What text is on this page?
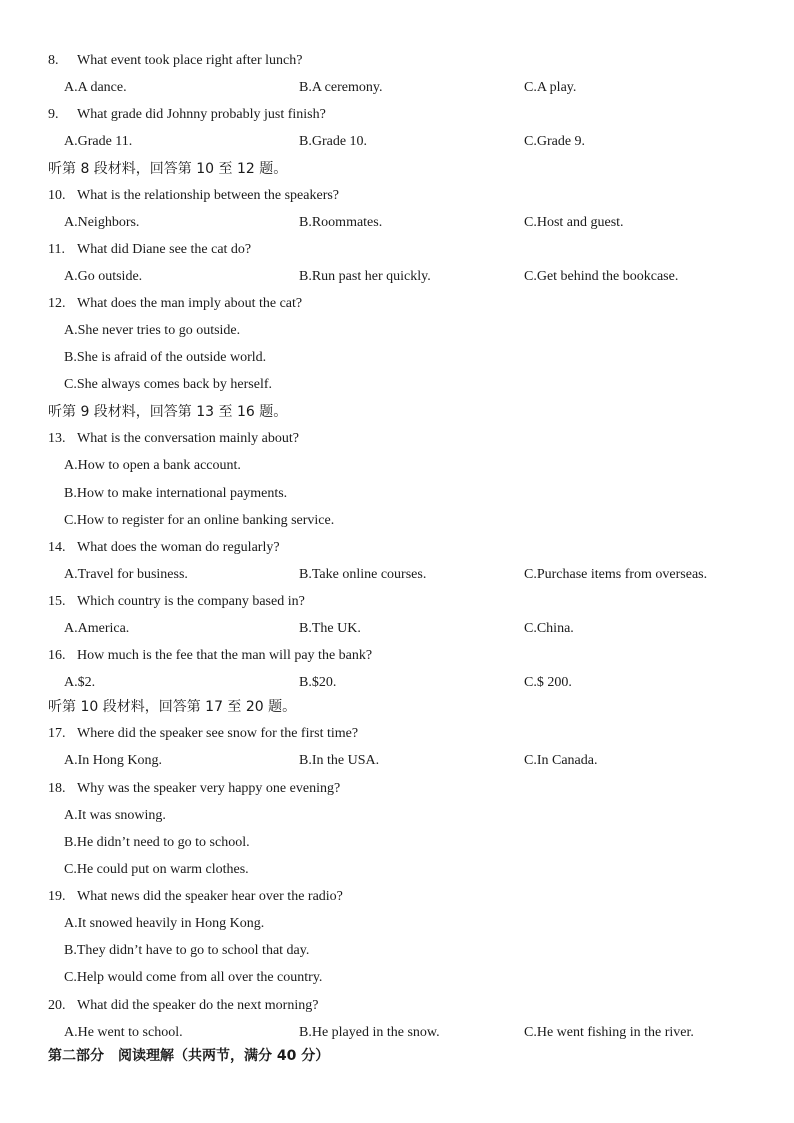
8. What event took place right after lunch?
A.A dance.	B.A ceremony.	C.A play.
9. What grade did Johnny probably just finish?
A.Grade 11.	B.Grade 10.	C.Grade 9.
听第 8 段材料，回答第 10 至 12 题。
10. What is the relationship between the speakers?
A.Neighbors.	B.Roommates.	C.Host and guest.
11. What did Diane see the cat do?
A.Go outside.	B.Run past her quickly.	C.Get behind the bookcase.
12. What does the man imply about the cat?
A.She never tries to go outside.
B.She is afraid of the outside world.
C.She always comes back by herself.
听第 9 段材料，回答第 13 至 16 题。
13. What is the conversation mainly about?
A.How to open a bank account.
B.How to make international payments.
C.How to register for an online banking service.
14. What does the woman do regularly?
A.Travel for business.	B.Take online courses.	C.Purchase items from overseas.
15. Which country is the company based in?
A.America.	B.The UK.	C.China.
16. How much is the fee that the man will pay the bank?
A.$2.	B.$20.	C.$ 200.
听第 10 段材料，回答第 17 至 20 题。
17. Where did the speaker see snow for the first time?
A.In Hong Kong.	B.In the USA.	C.In Canada.
18. Why was the speaker very happy one evening?
A.It was snowing.
B.He didn’t need to go to school.
C.He could put on warm clothes.
19. What news did the speaker hear over the radio?
A.It snowed heavily in Hong Kong.
B.They didn’t have to go to school that day.
C.Help would come from all over the country.
20. What did the speaker do the next morning?
A.He went to school.	B.He played in the snow.	C.He went fishing in the river.
第二部分　阅读理解（共两节，满分 40 分）
